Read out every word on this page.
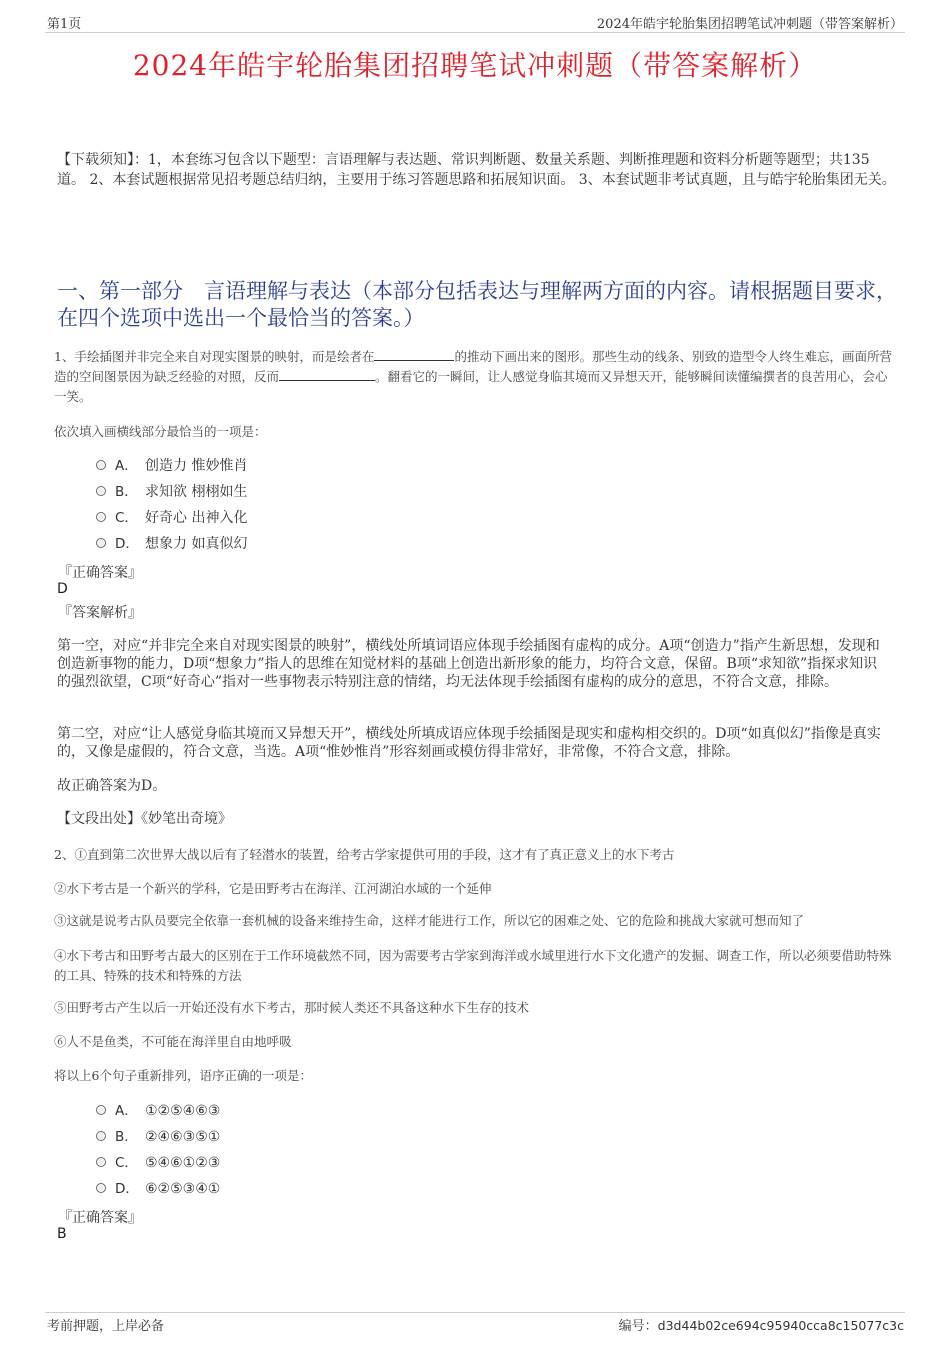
第1页	2024年皓宇轮胎集团招聘笔试冲刺题（带答案解析）
2024年皓宇轮胎集团招聘笔试冲刺题（带答案解析）
【下载须知】：1，本套练习包含以下题型：言语理解与表达题、常识判断题、数量关系题、判断推理题和资料分析题等题型；共135道。 2、本套试题根据常见招考题总结归纳，主要用于练习答题思路和拓展知识面。 3、本套试题非考试真题，且与皓宇轮胎集团无关。
一、第一部分　言语理解与表达（本部分包括表达与理解两方面的内容。请根据题目要求，在四个选项中选出一个最恰当的答案。）
1、手绘插图并非完全来自对现实图景的映射，而是绘者在	的推动下画出来的图形。那些生动的线条、别致的造型令人终生难忘，画面所营造的空间图景因为缺乏经验的对照，反而	。翻看它的一瞬间，让人感觉身临其境而又异想天开，能够瞬间读懂编撰者的良苦用心，会心一笑。
依次填入画横线部分最恰当的一项是：
A． 创造力 惟妙惟肖
B． 求知欲 栩栩如生
C． 好奇心 出神入化
D． 想象力 如真似幻
『正确答案』
D
『答案解析』
第一空，对应“并非完全来自对现实图景的映射”，横线处所填词语应体现手绘插图有虚构的成分。A项“创造力”指产生新思想，发现和创造新事物的能力，D项“想象力”指人的思维在知觉材料的基础上创造出新形象的能力，均符合文意，保留。B项“求知欲”指探求知识的强烈欲望，C项“好奇心”指对一些事物表示特别注意的情绪，均无法体现手绘插图有虚构的成分的意思，不符合文意，排除。
第二空，对应“让人感觉身临其境而又异想天开”，横线处所填成语应体现手绘插图是现实和虚构相交织的。D项“如真似幻”指像是真实的，又像是虚假的，符合文意，当选。A项“惟妙惟肖”形容刻画或模仿得非常好，非常像，不符合文意，排除。
故正确答案为D。
【文段出处】《妙笔出奇境》
2、①直到第二次世界大战以后有了轻潜水的装置，给考古学家提供可用的手段，这才有了真正意义上的水下考古
②水下考古是一个新兴的学科，它是田野考古在海洋、江河湖泊水域的一个延伸
③这就是说考古队员要完全依靠一套机械的设备来维持生命，这样才能进行工作，所以它的困难之处、它的危险和挑战大家就可想而知了
④水下考古和田野考古最大的区别在于工作环境截然不同，因为需要考古学家到海洋或水域里进行水下文化遗产的发掘、调查工作，所以必须要借助特殊的工具、特殊的技术和特殊的方法
⑤田野考古产生以后一开始还没有水下考古，那时候人类还不具备这种水下生存的技术
⑥人不是鱼类，不可能在海洋里自由地呼吸
将以上6个句子重新排列，语序正确的一项是：
A． ①②⑤④⑥③
B． ②④⑥③⑤①
C． ⑤④⑥①②③
D． ⑥②⑤③④①
『正确答案』
B
考前押题，上岸必备	编号：d3d44b02ce694c95940cca8c15077c3c
